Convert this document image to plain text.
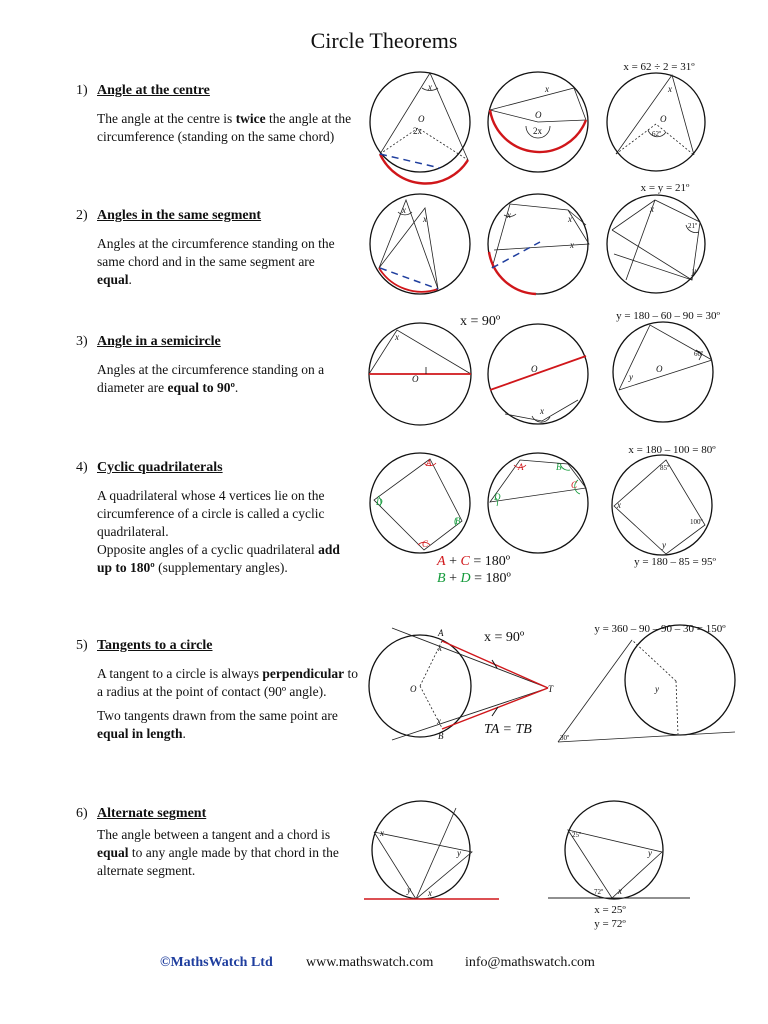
Circle Theorems
1) Angle at the centre
The angle at the centre is twice the angle at the circumference (standing on the same chord)
x = 62 ÷ 2 = 31º
2) Angles in the same segment
Angles at the circumference standing on the same chord and in the same segment are equal.
x = y = 21º
3) Angle in a semicircle
Angles at the circumference standing on a diameter are equal to 90º.
x = 90º	y = 180 – 60 – 90 = 30º
4) Cyclic quadrilaterals
A quadrilateral whose 4 vertices lie on the circumference of a circle is called a cyclic quadrilateral.
Opposite angles of a cyclic quadrilateral add up to 180º (supplementary angles).
x = 180 – 100 = 80º
y = 180 – 85 = 95º
A + C = 180º
B + D = 180º
5) Tangents to a circle

A tangent to a circle is always perpendicular to a radius at the point of contact (90º angle).

Two tangents drawn from the same point are equal in length.

x = 90º
TA = TB
y = 360 – 90 – 90 – 30 = 150º
6) Alternate segment
The angle between a tangent and a chord is equal to any angle made by that chord in the alternate segment.
x = 25º
y = 72º
x
O
2x
x
O
2x
x
O
62º
x
x	x	x
x
x
21º
y
x
O
O
x
y
O
60º
A
B
C
D
A	B
C
D
85º
100º
x
y
A
x
O
x
B
T	y
30º
x
y
y x
25º
y
72º x
©MathsWatch Ltd www.mathswatch.com info@mathswatch.com
